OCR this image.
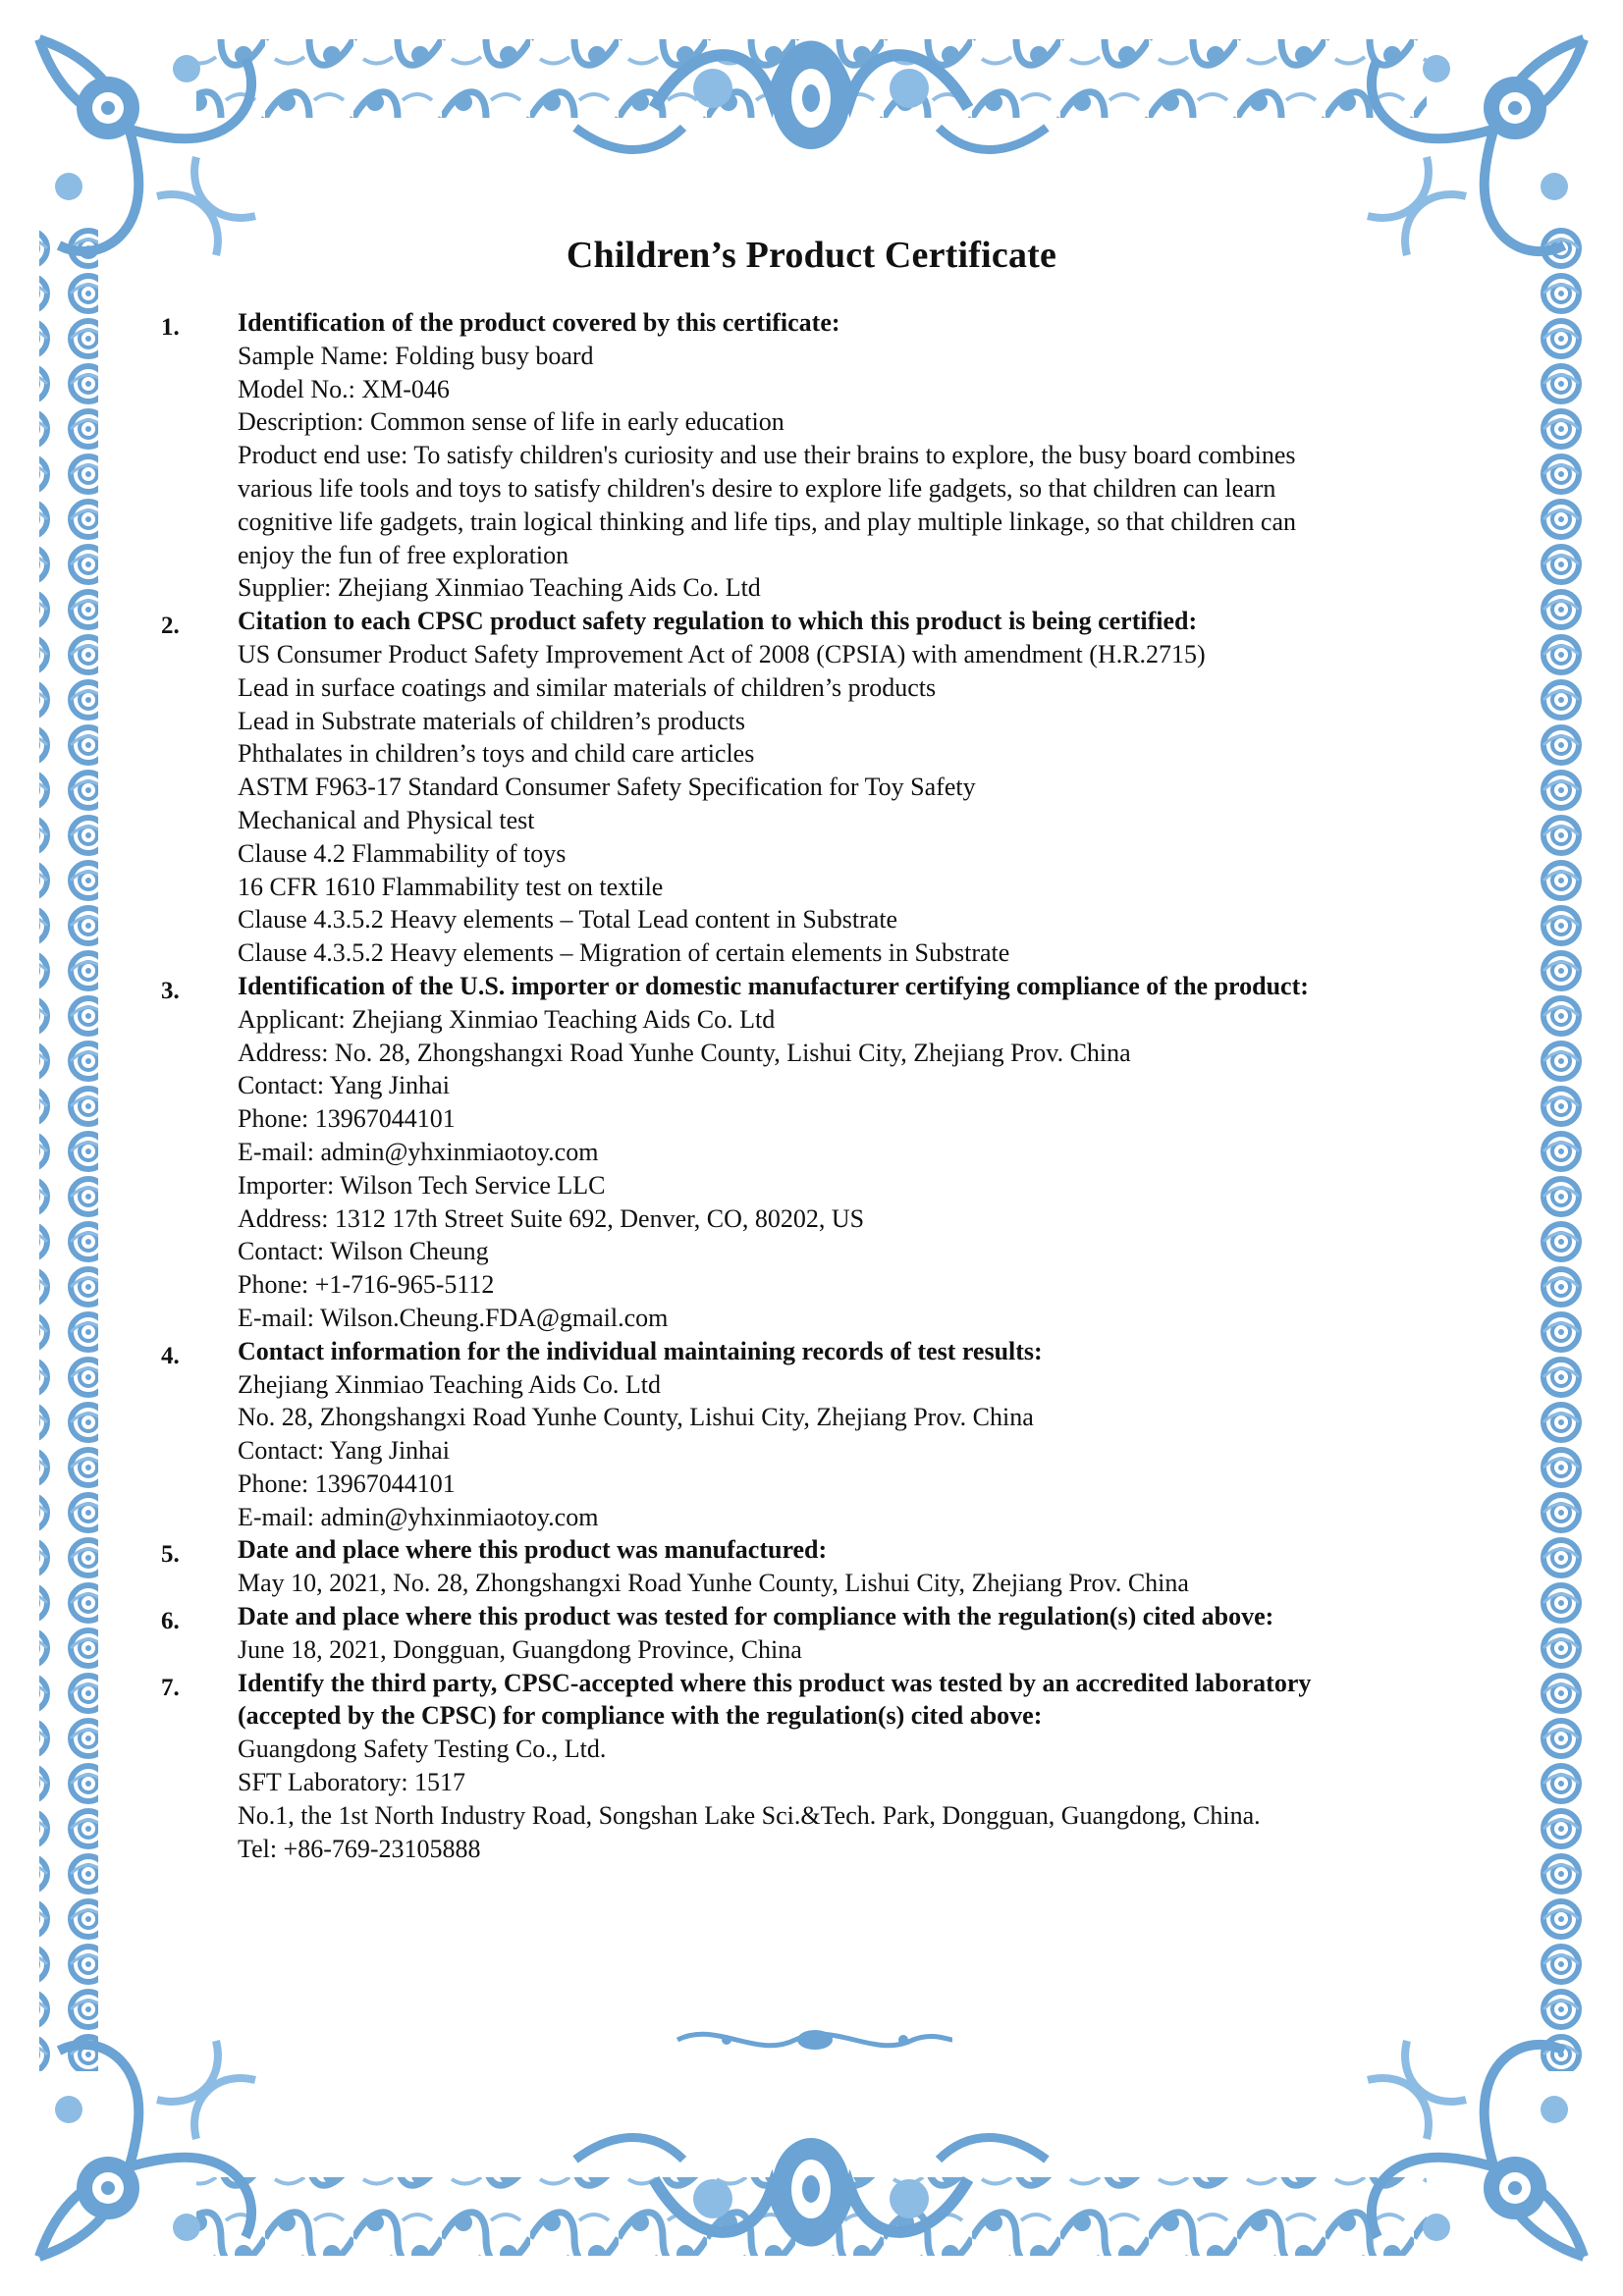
Children’s Product Certificate
1. Identification of the product covered by this certificate:
Sample Name: Folding busy board
Model No.: XM-046
Description: Common sense of life in early education
Product end use: To satisfy children's curiosity and use their brains to explore, the busy board combines
various life tools and toys to satisfy children's desire to explore life gadgets, so that children can learn
cognitive life gadgets, train logical thinking and life tips, and play multiple linkage, so that children can
enjoy the fun of free exploration
Supplier: Zhejiang Xinmiao Teaching Aids Co. Ltd
2. Citation to each CPSC product safety regulation to which this product is being certified:
US Consumer Product Safety Improvement Act of 2008 (CPSIA) with amendment (H.R.2715)
Lead in surface coatings and similar materials of children’s products
Lead in Substrate materials of children’s products
Phthalates in children’s toys and child care articles
ASTM F963-17 Standard Consumer Safety Specification for Toy Safety
Mechanical and Physical test
Clause 4.2 Flammability of toys
16 CFR 1610 Flammability test on textile
Clause 4.3.5.2 Heavy elements – Total Lead content in Substrate
Clause 4.3.5.2 Heavy elements – Migration of certain elements in Substrate
3. Identification of the U.S. importer or domestic manufacturer certifying compliance of the product:
Applicant: Zhejiang Xinmiao Teaching Aids Co. Ltd
Address: No. 28, Zhongshangxi Road Yunhe County, Lishui City, Zhejiang Prov. China
Contact: Yang Jinhai
Phone: 13967044101
E-mail: admin@yhxinmiaotoy.com
Importer: Wilson Tech Service LLC
Address: 1312 17th Street Suite 692, Denver, CO, 80202, US
Contact: Wilson Cheung
Phone: +1-716-965-5112
E-mail: Wilson.Cheung.FDA@gmail.com
4. Contact information for the individual maintaining records of test results:
Zhejiang Xinmiao Teaching Aids Co. Ltd
No. 28, Zhongshangxi Road Yunhe County, Lishui City, Zhejiang Prov. China
Contact: Yang Jinhai
Phone: 13967044101
E-mail: admin@yhxinmiaotoy.com
5. Date and place where this product was manufactured:
May 10, 2021, No. 28, Zhongshangxi Road Yunhe County, Lishui City, Zhejiang Prov. China
6. Date and place where this product was tested for compliance with the regulation(s) cited above:
June 18, 2021, Dongguan, Guangdong Province, China
7. Identify the third party, CPSC-accepted where this product was tested by an accredited laboratory
(accepted by the CPSC) for compliance with the regulation(s) cited above:
Guangdong Safety Testing Co., Ltd.
SFT Laboratory: 1517
No.1, the 1st North Industry Road, Songshan Lake Sci.&Tech. Park, Dongguan, Guangdong, China.
Tel: +86-769-23105888
